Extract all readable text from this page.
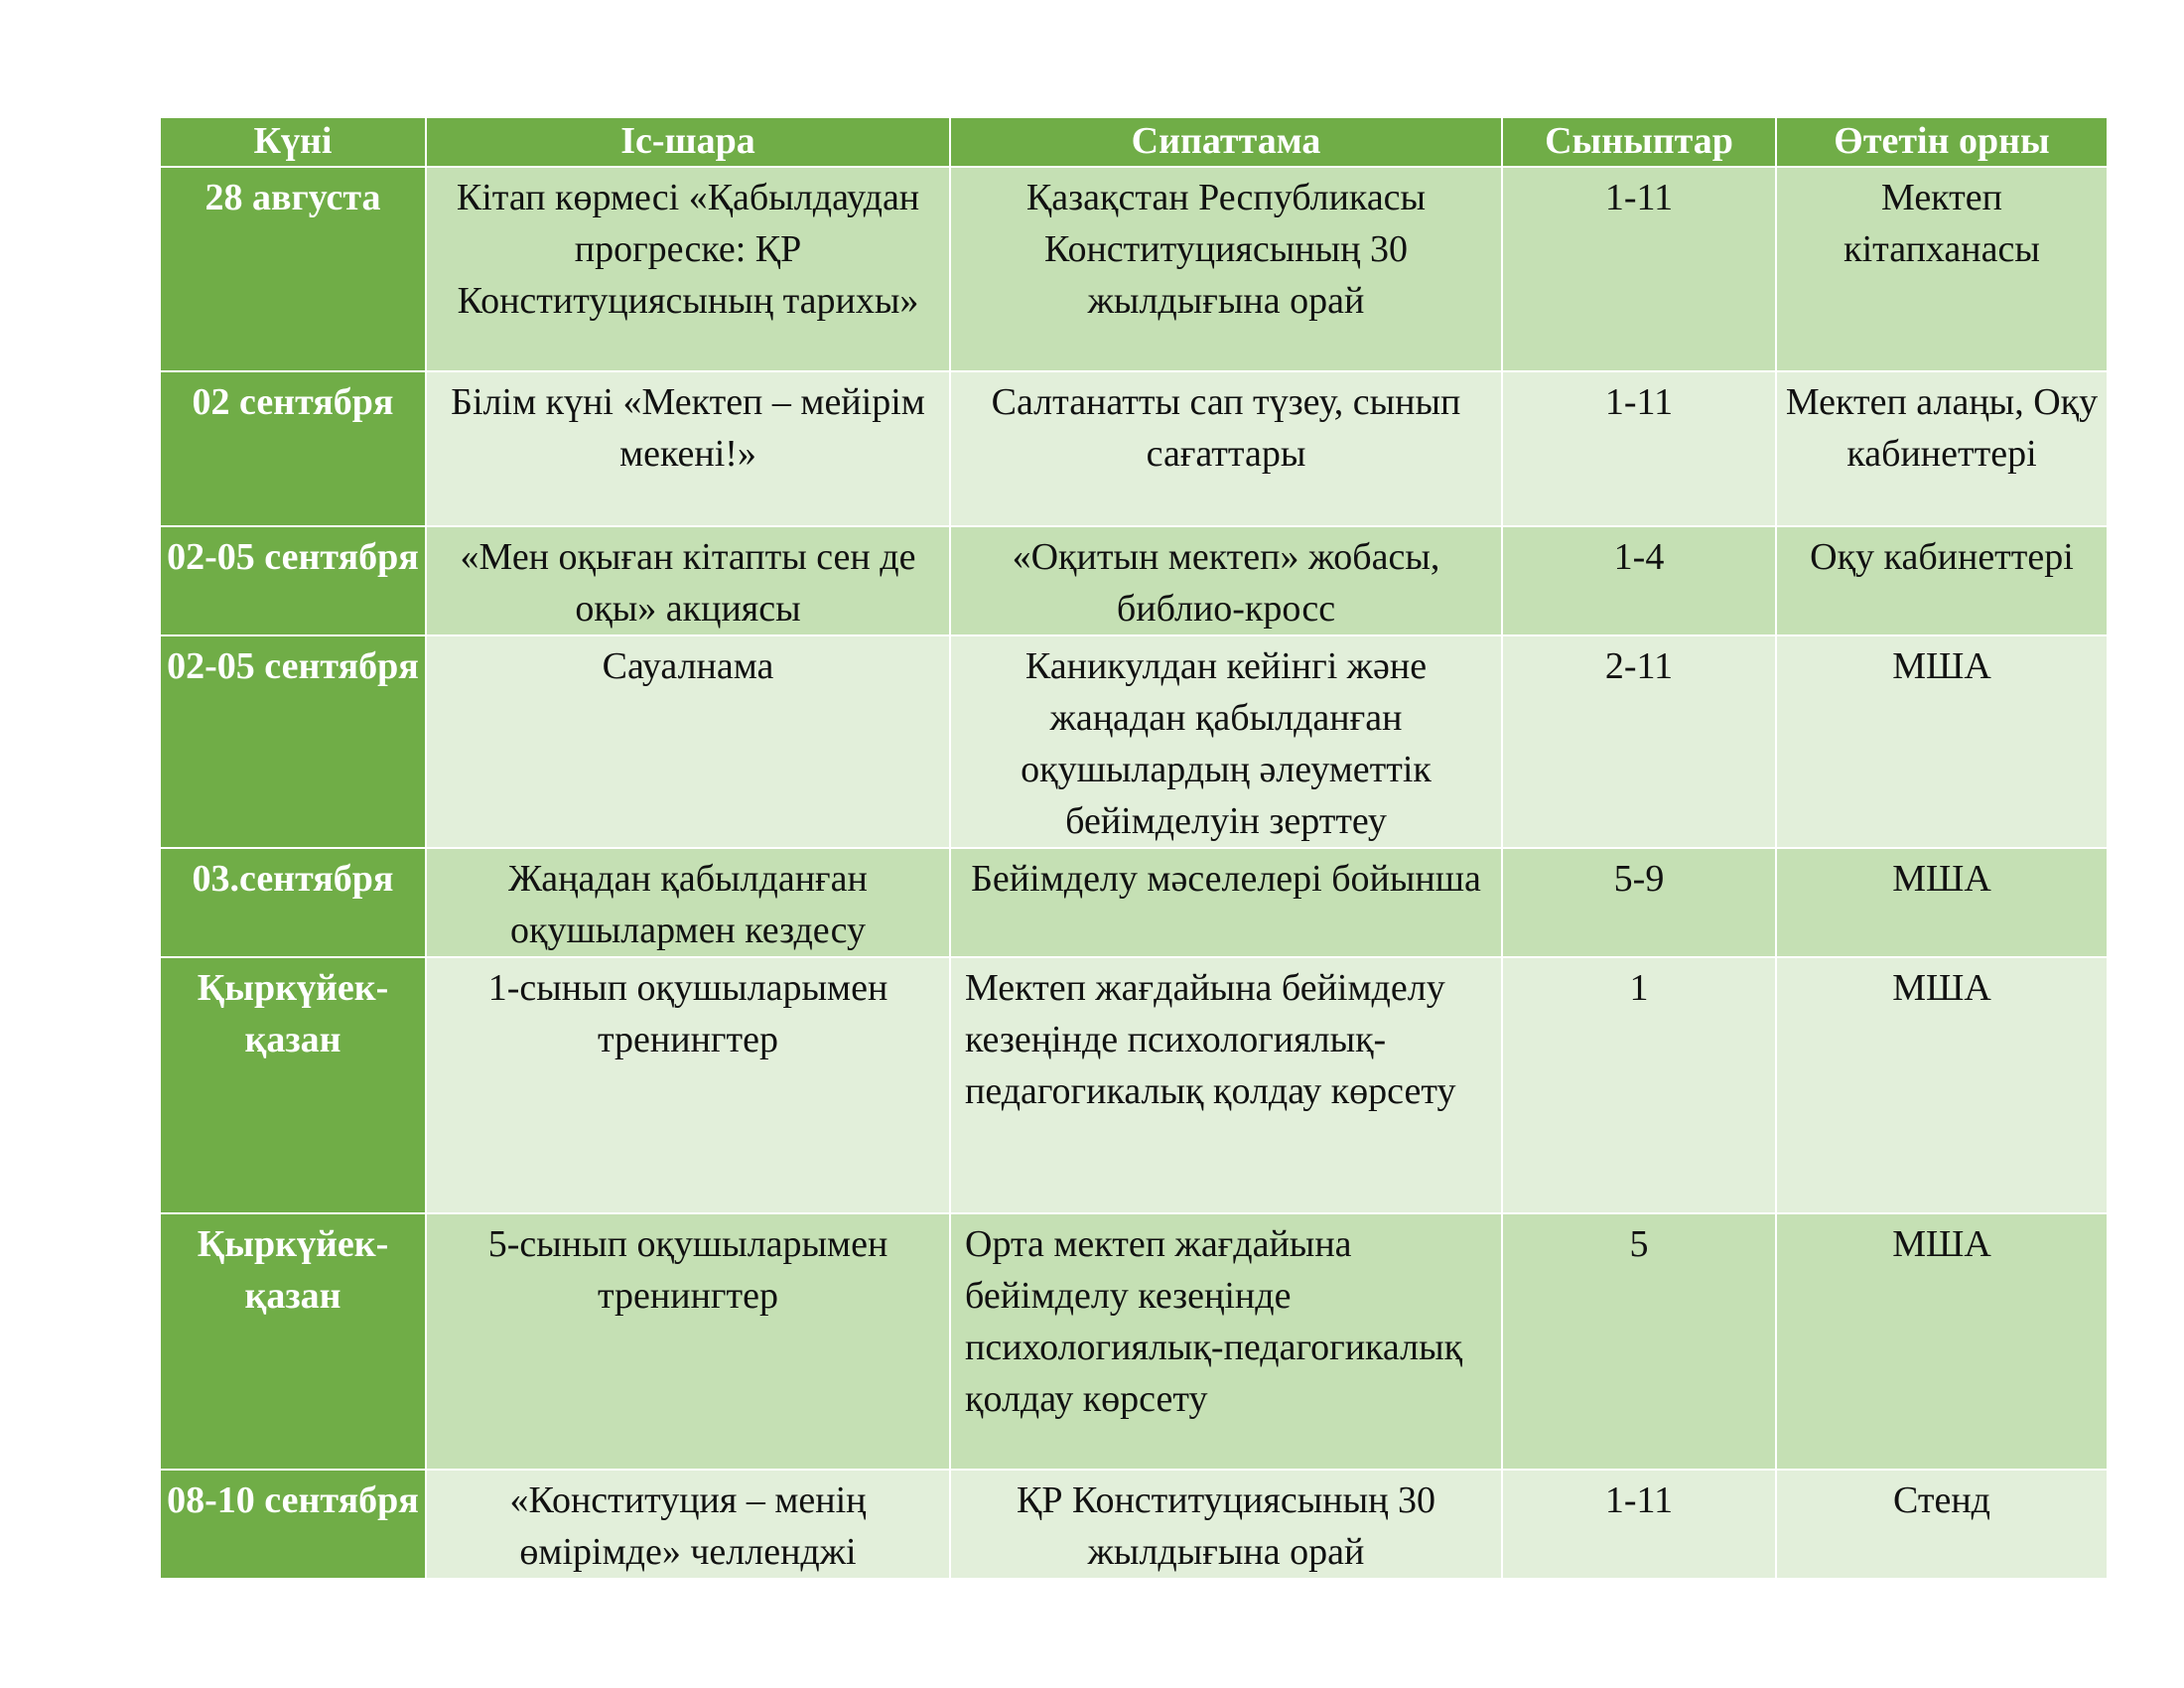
Күні	Іс-шара	Сипаттама	Сыныптар	Өтетін орны
28 августа	Кітап көрмесі «Қабылдаудан прогреске: ҚР Конституциясының тарихы»	Қазақстан Республикасы Конституциясының 30 жылдығына орай	1-11	Мектеп кітапханасы
02 сентября	Білім күні «Мектеп – мейірім мекені!»	Салтанатты сап түзеу, сынып сағаттары	1-11	Мектеп алаңы, Оқу кабинеттері
02-05 сентября	«Мен оқыған кітапты сен де оқы» акциясы	«Оқитын мектеп» жобасы, библио-кросс	1-4	Оқу кабинеттері
02-05 сентября	Сауалнама	Каникулдан кейінгі және жаңадан қабылданған оқушылардың әлеуметтік бейімделуін зерттеу	2-11	МША
03.сентября	Жаңадан қабылданған оқушылармен кездесу	Бейімделу мәселелері бойынша	5-9	МША
Қыркүйек-қазан	1-сынып оқушыларымен тренингтер	Мектеп жағдайына бейімделу кезеңінде психологиялық-педагогикалық қолдау көрсету	1	МША
Қыркүйек-қазан	5-сынып оқушыларымен тренингтер	Орта мектеп жағдайына бейімделу кезеңінде психологиялық-педагогикалық қолдау көрсету	5	МША
08-10 сентября	«Конституция – менің өмірімде» челленджі	ҚР Конституциясының 30 жылдығына орай	1-11	Стенд
